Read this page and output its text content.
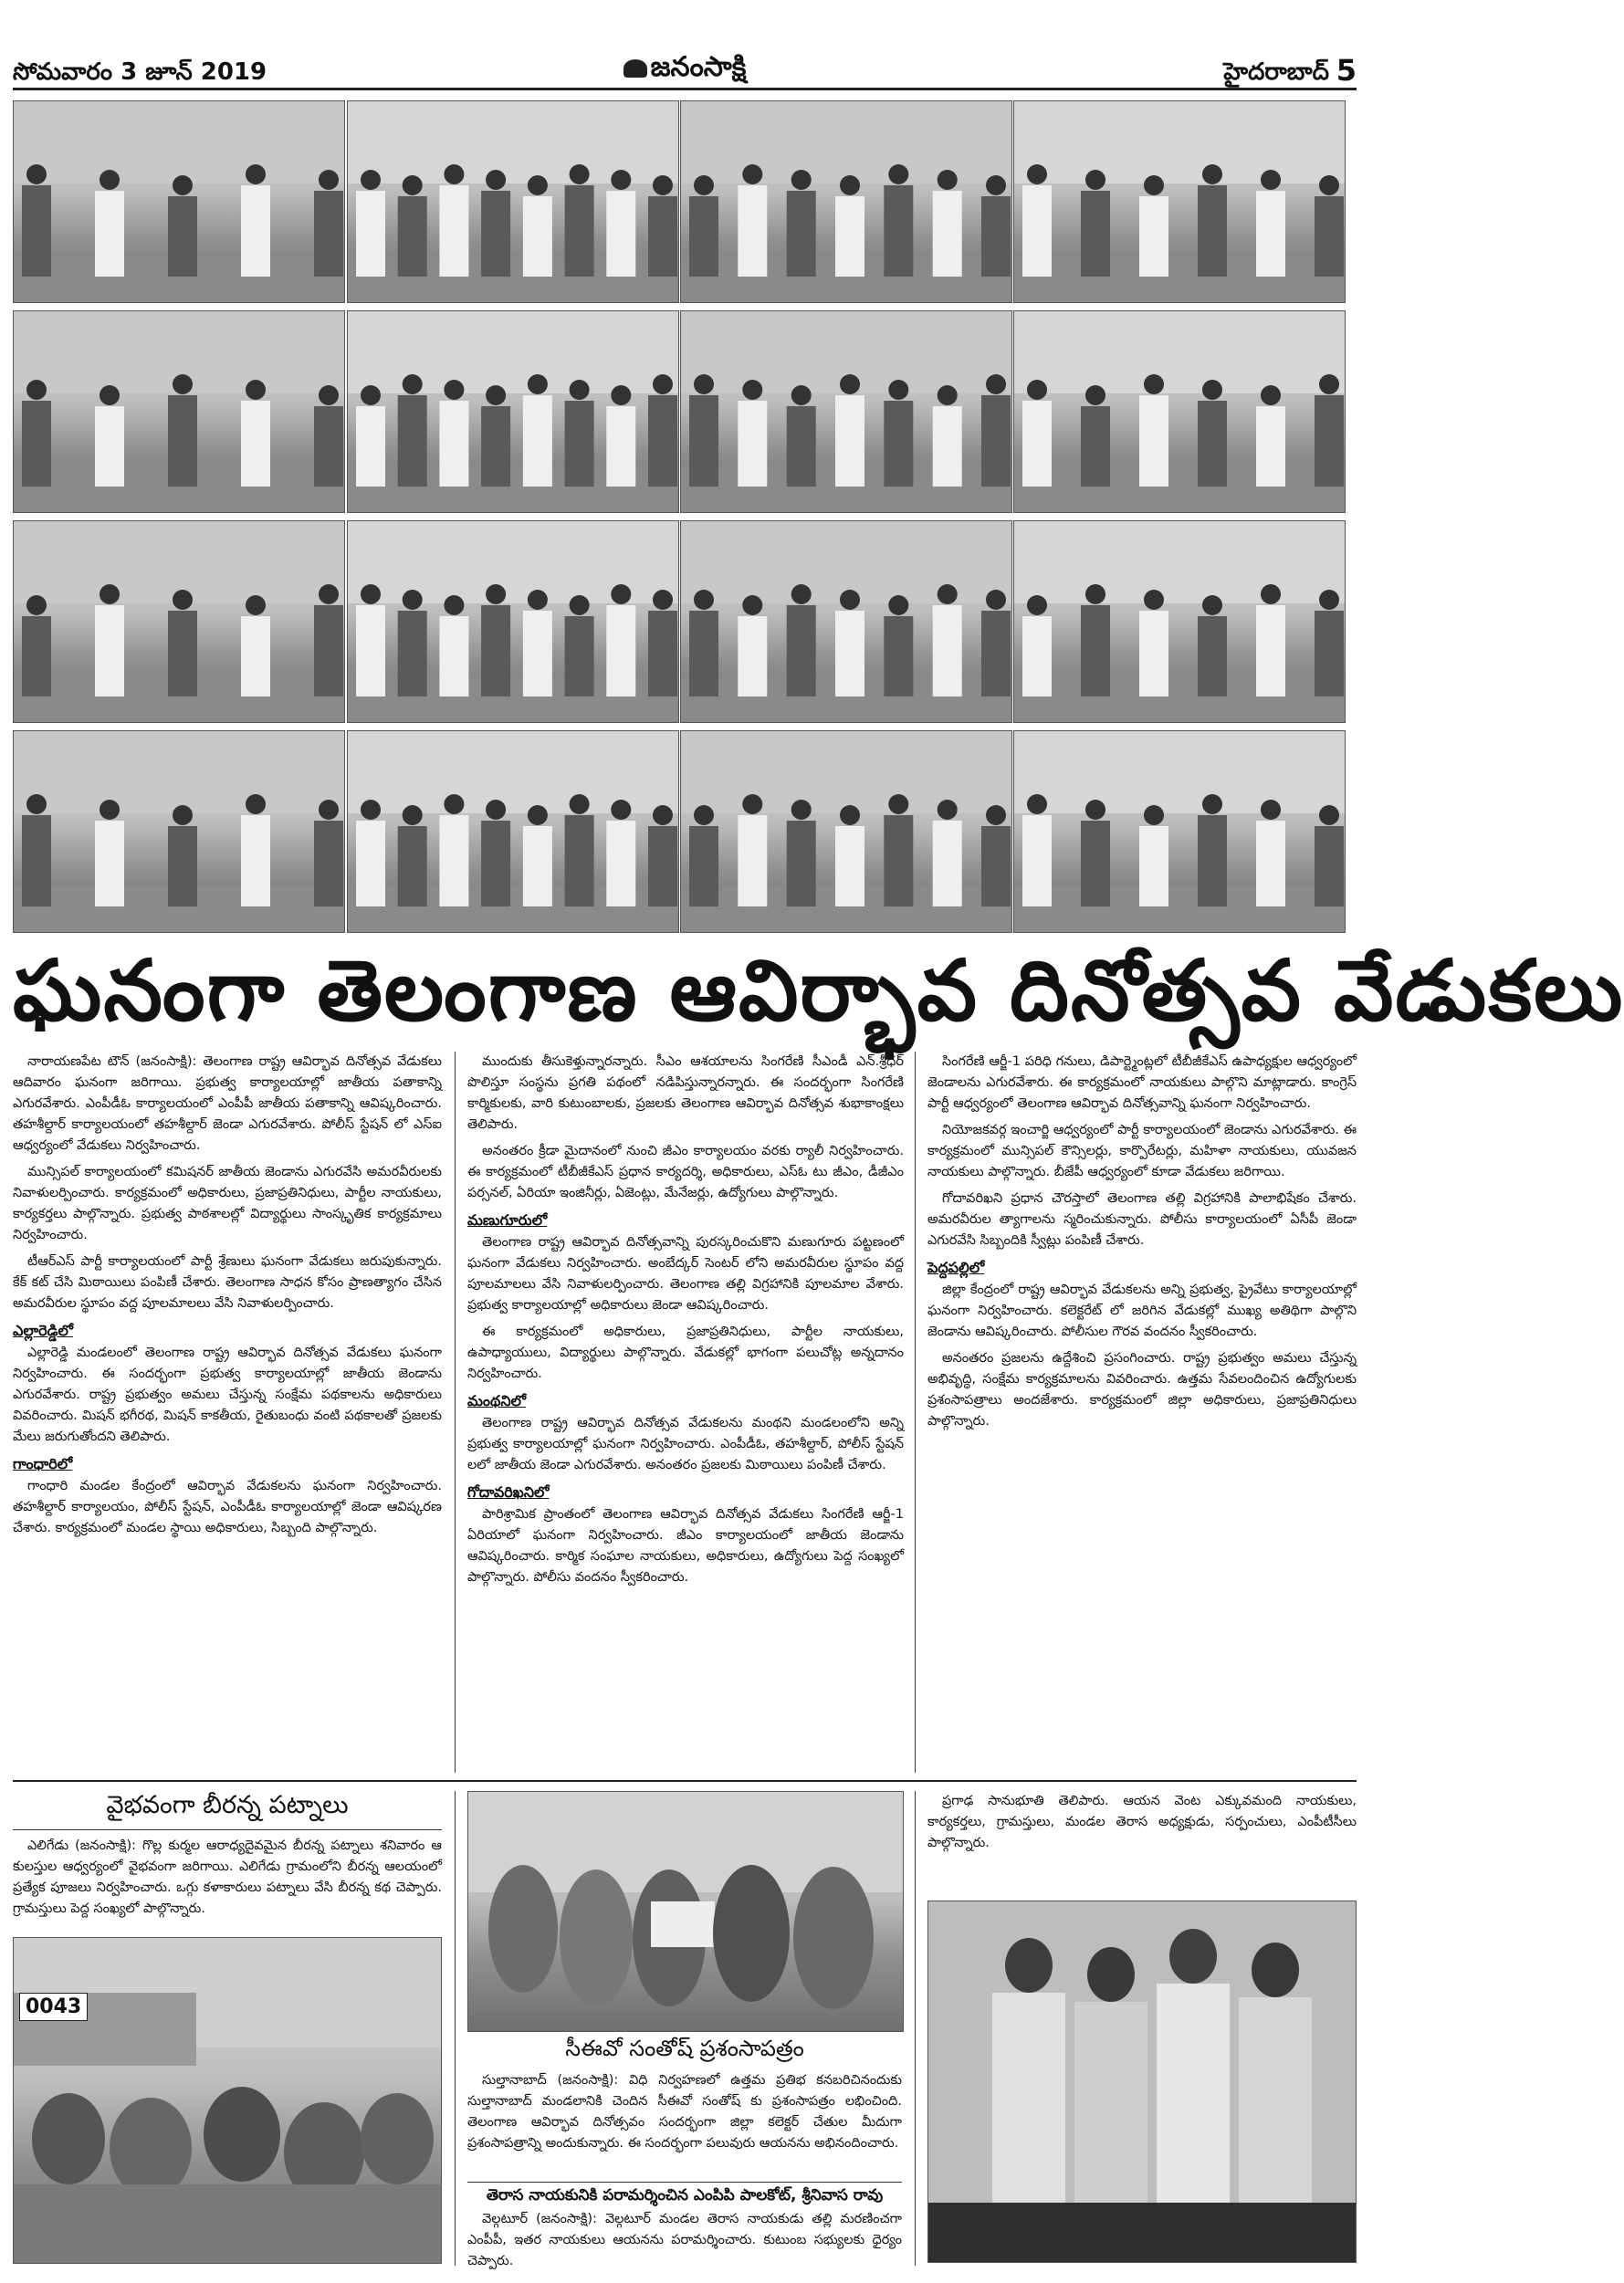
సోమవారం 3 జూన్ 2019	జనంసాక్షి	హైదరాబాద్ 5
ఘనంగా తెలంగాణ ఆవిర్భావ దినోత్సవ వేడుకలు

నారాయణపేట టౌన్ (జనంసాక్షి): తెలంగాణ రాష్ట్ర ఆవిర్భావ దినోత్సవ వేడుకలు ఆదివారం ఘనంగా జరిగాయి. ప్రభుత్వ కార్యాలయాల్లో జాతీయ పతాకాన్ని ఎగురవేశారు. ఎంపీడీఓ కార్యాలయంలో ఎంపీపీ జాతీయ పతాకాన్ని ఆవిష్కరించారు. తహశీల్దార్ కార్యాలయంలో తహశీల్దార్ జెండా ఎగురవేశారు. పోలీస్ స్టేషన్ లో ఎస్ఐ ఆధ్వర్యంలో వేడుకలు నిర్వహించారు.

మున్సిపల్ కార్యాలయంలో కమిషనర్ జాతీయ జెండాను ఎగురవేసి అమరవీరులకు నివాళులర్పించారు. కార్యక్రమంలో అధికారులు, ప్రజాప్రతినిధులు, పార్టీల నాయకులు, కార్యకర్తలు పాల్గొన్నారు. ప్రభుత్వ పాఠశాలల్లో విద్యార్థులు సాంస్కృతిక కార్యక్రమాలు నిర్వహించారు.

టీఆర్ఎస్ పార్టీ కార్యాలయంలో పార్టీ శ్రేణులు ఘనంగా వేడుకలు జరుపుకున్నారు. కేక్ కట్ చేసి మిఠాయిలు పంపిణీ చేశారు. తెలంగాణ సాధన కోసం ప్రాణత్యాగం చేసిన అమరవీరుల స్థూపం వద్ద పూలమాలలు వేసి నివాళులర్పించారు.

ఎల్లారెడ్డిలో

ఎల్లారెడ్డి మండలంలో తెలంగాణ రాష్ట్ర ఆవిర్భావ దినోత్సవ వేడుకలు ఘనంగా నిర్వహించారు. ఈ సందర్భంగా ప్రభుత్వ కార్యాలయాల్లో జాతీయ జెండాను ఎగురవేశారు. రాష్ట్ర ప్రభుత్వం అమలు చేస్తున్న సంక్షేమ పథకాలను అధికారులు వివరించారు. మిషన్ భగీరథ, మిషన్ కాకతీయ, రైతుబంధు వంటి పథకాలతో ప్రజలకు మేలు జరుగుతోందని తెలిపారు.

గాంధారిలో

గాంధారి మండల కేంద్రంలో ఆవిర్భావ వేడుకలను ఘనంగా నిర్వహించారు. తహశీల్దార్ కార్యాలయం, పోలీస్ స్టేషన్, ఎంపీడీఓ కార్యాలయాల్లో జెండా ఆవిష్కరణ చేశారు. కార్యక్రమంలో మండల స్థాయి అధికారులు, సిబ్బంది పాల్గొన్నారు.

ముందుకు తీసుకెళ్తున్నారన్నారు. సీఎం ఆశయాలను సింగరేణి సీఎండీ ఎన్.శ్రీధర్ పొలిస్తూ సంస్థను ప్రగతి పథంలో నడిపిస్తున్నారన్నారు. ఈ సందర్భంగా సింగరేణి కార్మికులకు, వారి కుటుంబాలకు, ప్రజలకు తెలంగాణ ఆవిర్భావ దినోత్సవ శుభాకాంక్షలు తెలిపారు.

అనంతరం క్రీడా మైదానంలో నుంచి జీఎం కార్యాలయం వరకు ర్యాలీ నిర్వహించారు. ఈ కార్యక్రమంలో టీబీజీకేఎస్ ప్రధాన కార్యదర్శి, అధికారులు, ఎస్ఓ టు జీఎం, డీజీఎం పర్సనల్, ఏరియా ఇంజినీర్లు, ఏజెంట్లు, మేనేజర్లు, ఉద్యోగులు పాల్గొన్నారు.

మణుగూరులో

తెలంగాణ రాష్ట్ర ఆవిర్భావ దినోత్సవాన్ని పురస్కరించుకొని మణుగూరు పట్టణంలో ఘనంగా వేడుకలు నిర్వహించారు. అంబేద్కర్ సెంటర్ లోని అమరవీరుల స్థూపం వద్ద పూలమాలలు వేసి నివాళులర్పించారు. తెలంగాణ తల్లి విగ్రహానికి పూలమాల వేశారు. ప్రభుత్వ కార్యాలయాల్లో అధికారులు జెండా ఆవిష్కరించారు.

ఈ కార్యక్రమంలో అధికారులు, ప్రజాప్రతినిధులు, పార్టీల నాయకులు, ఉపాధ్యాయులు, విద్యార్థులు పాల్గొన్నారు. వేడుకల్లో భాగంగా పలుచోట్ల అన్నదానం నిర్వహించారు.

మంథనిలో

తెలంగాణ రాష్ట్ర ఆవిర్భావ దినోత్సవ వేడుకలను మంథని మండలంలోని అన్ని ప్రభుత్వ కార్యాలయాల్లో ఘనంగా నిర్వహించారు. ఎంపీడీఓ, తహశీల్దార్, పోలీస్ స్టేషన్ లలో జాతీయ జెండా ఎగురవేశారు. అనంతరం ప్రజలకు మిఠాయిలు పంపిణీ చేశారు.

గోదావరిఖనిలో

పారిశ్రామిక ప్రాంతంలో తెలంగాణ ఆవిర్భావ దినోత్సవ వేడుకలు సింగరేణి ఆర్జీ-1 ఏరియాలో ఘనంగా నిర్వహించారు. జీఎం కార్యాలయంలో జాతీయ జెండాను ఆవిష్కరించారు. కార్మిక సంఘాల నాయకులు, అధికారులు, ఉద్యోగులు పెద్ద సంఖ్యలో పాల్గొన్నారు. పోలీసు వందనం స్వీకరించారు.

సింగరేణి ఆర్జీ-1 పరిధి గనులు, డిపార్ట్మెంట్లలో టీబీజీకేఎస్ ఉపాధ్యక్షుల ఆధ్వర్యంలో జెండాలను ఎగురవేశారు. ఈ కార్యక్రమంలో నాయకులు పాల్గొని మాట్లాడారు. కాంగ్రెస్ పార్టీ ఆధ్వర్యంలో తెలంగాణ ఆవిర్భావ దినోత్సవాన్ని ఘనంగా నిర్వహించారు.

నియోజకవర్గ ఇంచార్జి ఆధ్వర్యంలో పార్టీ కార్యాలయంలో జెండాను ఎగురవేశారు. ఈ కార్యక్రమంలో మున్సిపల్ కౌన్సిలర్లు, కార్పొరేటర్లు, మహిళా నాయకులు, యువజన నాయకులు పాల్గొన్నారు. బీజేపీ ఆధ్వర్యంలో కూడా వేడుకలు జరిగాయి.

గోదావరిఖని ప్రధాన చౌరస్తాలో తెలంగాణ తల్లి విగ్రహానికి పాలాభిషేకం చేశారు. అమరవీరుల త్యాగాలను స్మరించుకున్నారు. పోలీసు కార్యాలయంలో ఏసీపీ జెండా ఎగురవేసి సిబ్బందికి స్వీట్లు పంపిణీ చేశారు.

పెద్దపల్లిలో

జిల్లా కేంద్రంలో రాష్ట్ర ఆవిర్భావ వేడుకలను అన్ని ప్రభుత్వ, ప్రైవేటు కార్యాలయాల్లో ఘనంగా నిర్వహించారు. కలెక్టరేట్ లో జరిగిన వేడుకల్లో ముఖ్య అతిథిగా పాల్గొని జెండాను ఆవిష్కరించారు. పోలీసుల గౌరవ వందనం స్వీకరించారు.

అనంతరం ప్రజలను ఉద్దేశించి ప్రసంగించారు. రాష్ట్ర ప్రభుత్వం అమలు చేస్తున్న అభివృద్ధి, సంక్షేమ కార్యక్రమాలను వివరించారు. ఉత్తమ సేవలందించిన ఉద్యోగులకు ప్రశంసాపత్రాలు అందజేశారు. కార్యక్రమంలో జిల్లా అధికారులు, ప్రజాప్రతినిధులు పాల్గొన్నారు.

వైభవంగా బీరన్న పట్నాలు

ఎలిగేడు (జనంసాక్షి): గొల్ల కుర్మల ఆరాధ్యదైవమైన బీరన్న పట్నాలు శనివారం ఆ కులస్తుల ఆధ్వర్యంలో వైభవంగా జరిగాయి. ఎలిగేడు గ్రామంలోని బీరన్న ఆలయంలో ప్రత్యేక పూజలు నిర్వహించారు. ఒగ్గు కళాకారులు పట్నాలు వేసి బీరన్న కథ చెప్పారు. గ్రామస్తులు పెద్ద సంఖ్యలో పాల్గొన్నారు.

0043
సీఈవో సంతోష్ ప్రశంసాపత్రం

సుల్తానాబాద్ (జనంసాక్షి): విధి నిర్వహణలో ఉత్తమ ప్రతిభ కనబరిచినందుకు సుల్తానాబాద్ మండలానికి చెందిన సీఈవో సంతోష్ కు ప్రశంసాపత్రం లభించింది. తెలంగాణ ఆవిర్భావ దినోత్సవం సందర్భంగా జిల్లా కలెక్టర్ చేతుల మీదుగా ప్రశంసాపత్రాన్ని అందుకున్నారు. ఈ సందర్భంగా పలువురు ఆయనను అభినందించారు.

తెరాస నాయకునికి పరామర్శించిన ఎంపిపి పాలకోట్, శ్రీనివాస రావు

వెల్గటూర్ (జనంసాక్షి): వెల్గటూర్ మండల తెరాస నాయకుడు తల్లి మరణించగా ఎంపీపీ, ఇతర నాయకులు ఆయనను పరామర్శించారు. కుటుంబ సభ్యులకు ధైర్యం చెప్పారు.

ప్రగాఢ సానుభూతి తెలిపారు. ఆయన వెంట ఎక్కువమంది నాయకులు, కార్యకర్తలు, గ్రామస్తులు, మండల తెరాస అధ్యక్షుడు, సర్పంచులు, ఎంపీటీసీలు పాల్గొన్నారు.
